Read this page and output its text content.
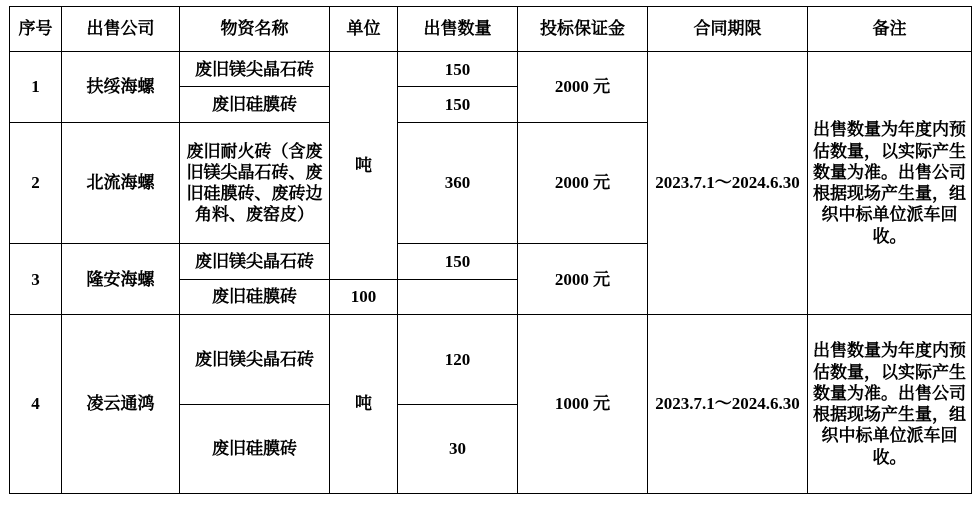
序号	出售公司	物资名称	单位	出售数量	投标保证金	合同期限	备注
1	扶绥海螺	废旧镁尖晶石砖	吨	150	2000 元	2023.7.1～2024.6.30	出售数量为年度内预估数量，以实际产生数量为准。出售公司根据现场产生量，组织中标单位派车回收。
		废旧硅膜砖		150			
2	北流海螺	废旧耐火砖（含废旧镁尖晶石砖、废旧硅膜砖、废砖边角料、废窑皮）		360	2000 元		
3	隆安海螺	废旧镁尖晶石砖		150	2000 元		
		废旧硅膜砖	100				
4	凌云通鸿	废旧镁尖晶石砖	吨	120	1000 元	2023.7.1～2024.6.30	出售数量为年度内预估数量，以实际产生数量为准。出售公司根据现场产生量，组织中标单位派车回收。
		废旧硅膜砖		30			
